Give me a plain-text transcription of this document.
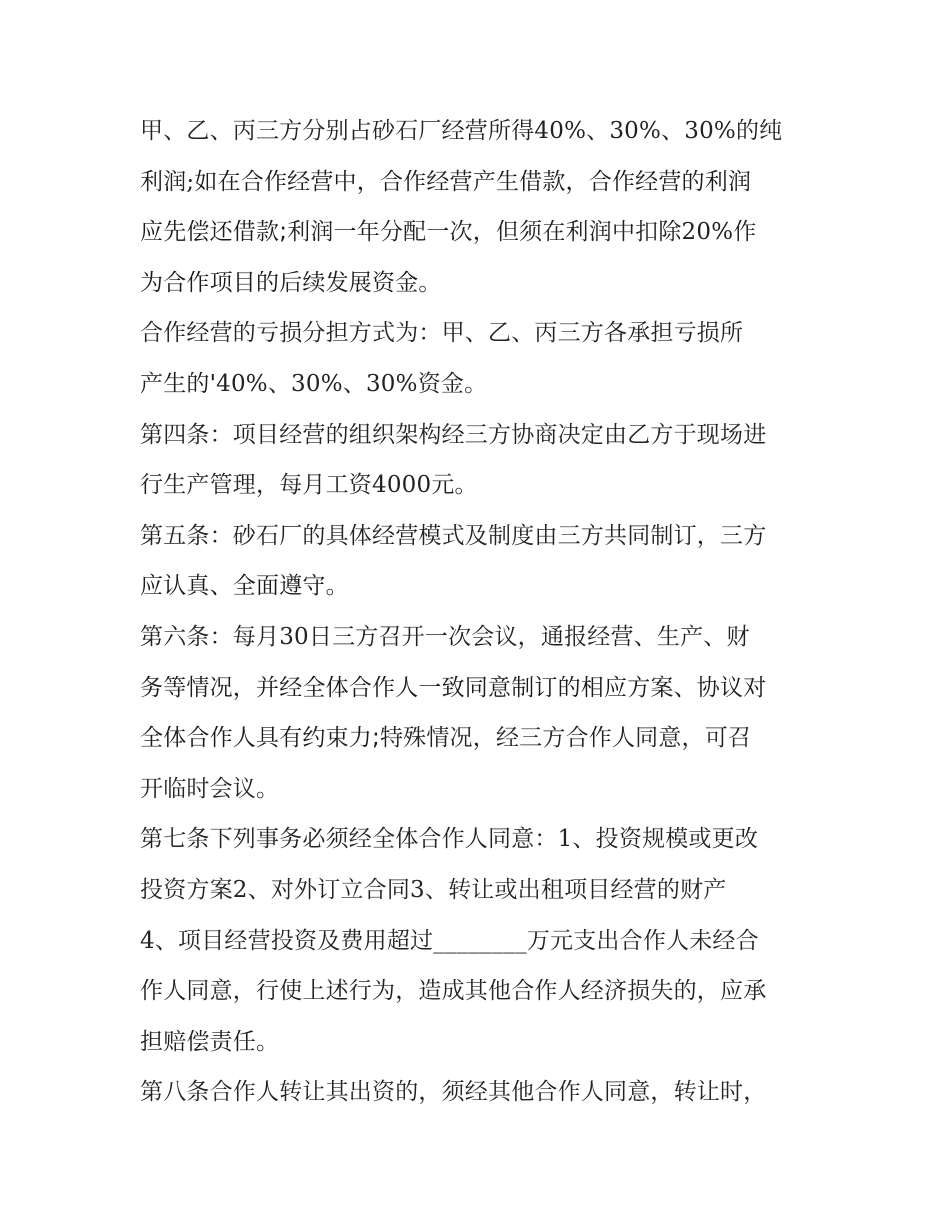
甲、乙、丙三方分别占砂石厂经营所得40%、30%、30%的纯
利润;如在合作经营中，合作经营产生借款，合作经营的利润
应先偿还借款;利润一年分配一次，但须在利润中扣除20%作
为合作项目的后续发展资金。
合作经营的亏损分担方式为：甲、乙、丙三方各承担亏损所
产生的'40%、30%、30%资金。
第四条：项目经营的组织架构经三方协商决定由乙方于现场进
行生产管理，每月工资4000元。
第五条：砂石厂的具体经营模式及制度由三方共同制订，三方
应认真、全面遵守。
第六条：每月30日三方召开一次会议，通报经营、生产、财
务等情况，并经全体合作人一致同意制订的相应方案、协议对
全体合作人具有约束力;特殊情况，经三方合作人同意，可召
开临时会议。
第七条下列事务必须经全体合作人同意：1、投资规模或更改
投资方案2、对外订立合同3、转让或出租项目经营的财产
4、项目经营投资及费用超过________万元支出合作人未经合
作人同意，行使上述行为，造成其他合作人经济损失的，应承
担赔偿责任。
第八条合作人转让其出资的，须经其他合作人同意，转让时，
